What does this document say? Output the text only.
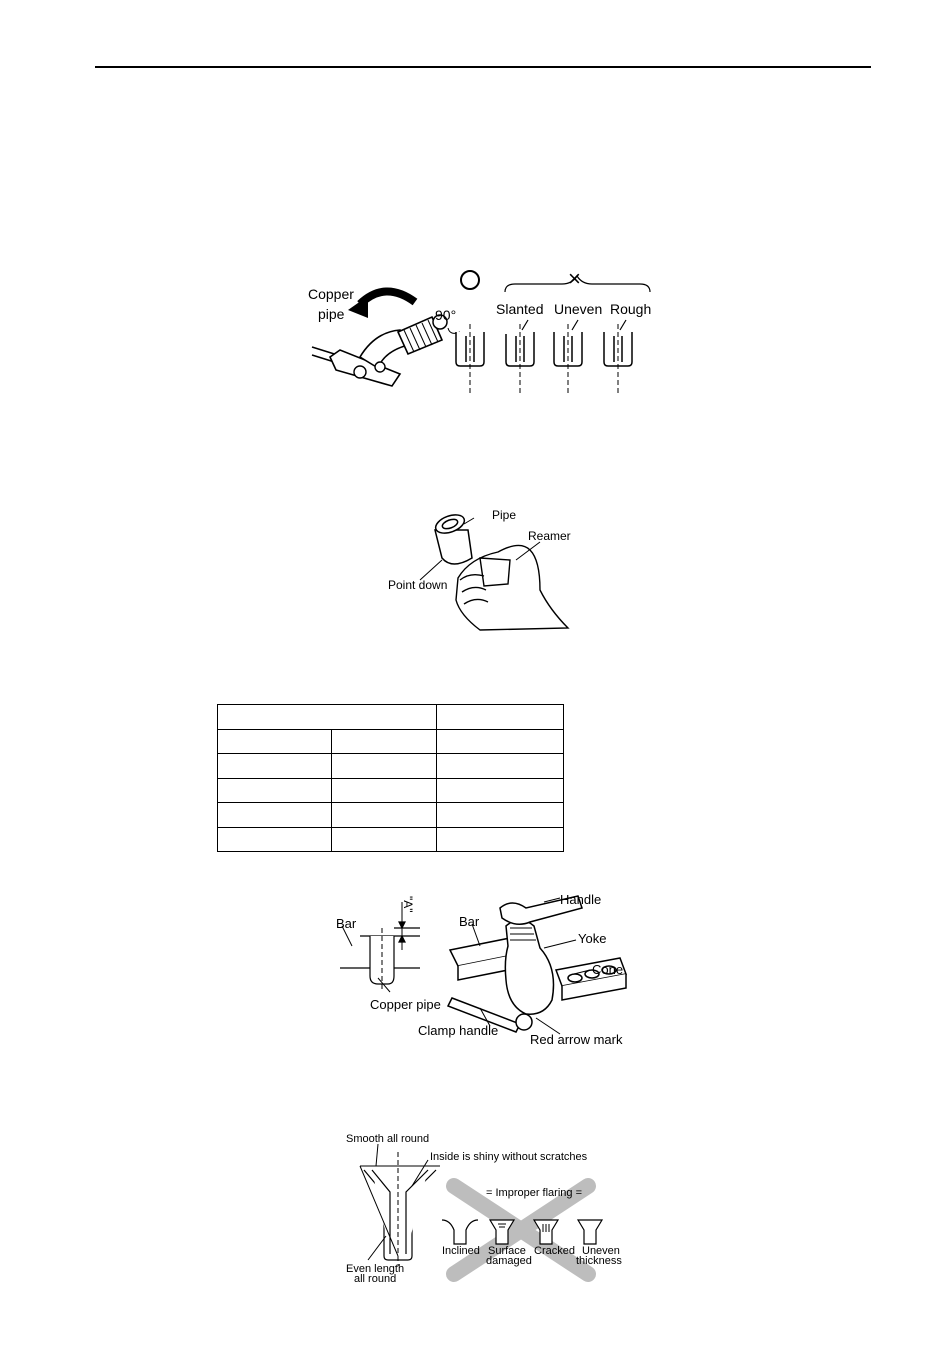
Copper
pipe	90°
×
Slanted Uneven Rough
Pipe
Reamer
Point down

Bar
"A"
Copper pipe
Handle
Bar
Yoke
Cone
Clamp handle
Red arrow mark
Smooth all round
Inside is shiny without scratches
Even length
all round
= Improper flaring =
Inclined Surface
damaged
Cracked Uneven
thickness
